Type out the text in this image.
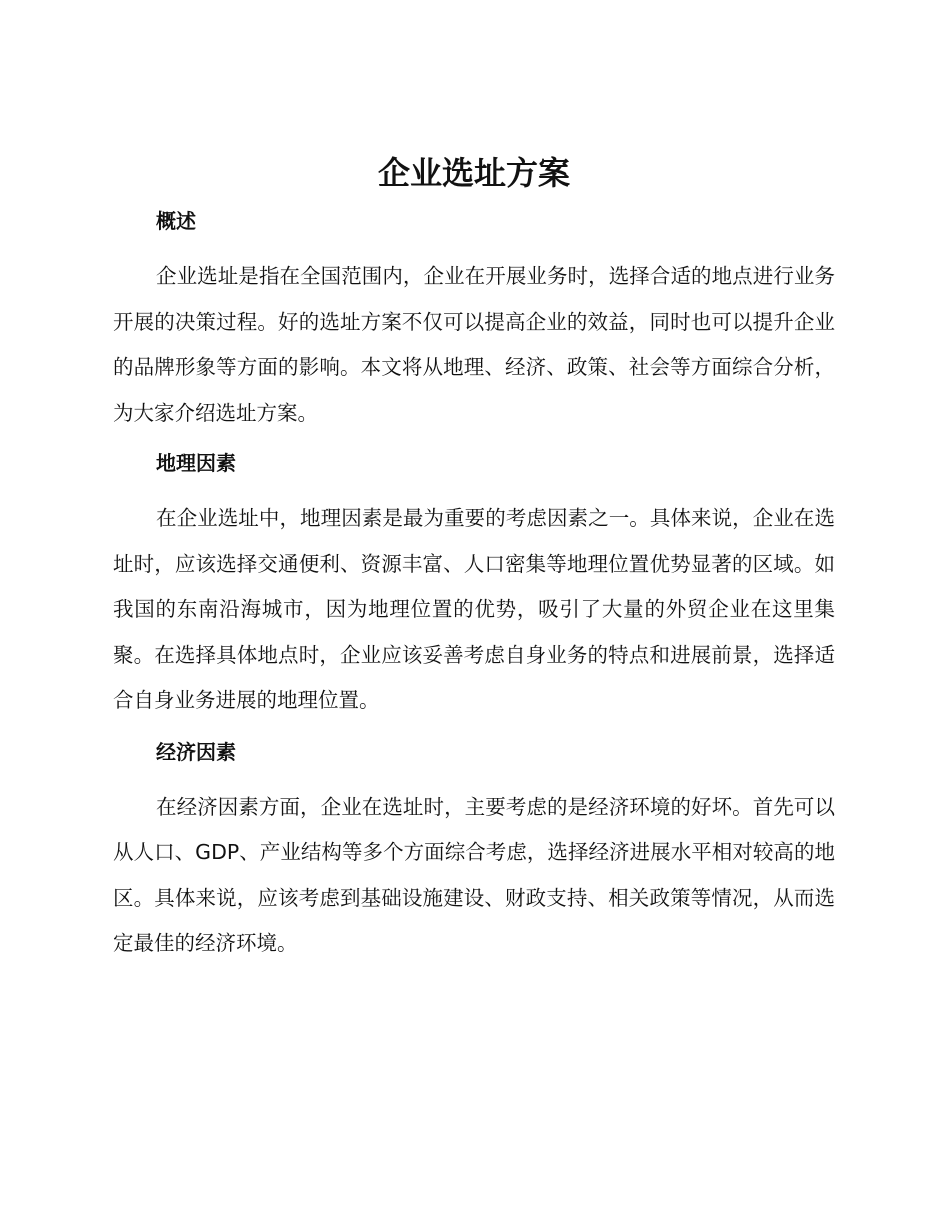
企业选址方案
概述

企业选址是指在全国范围内，企业在开展业务时，选择合适的地点进行业务开展的决策过程。好的选址方案不仅可以提高企业的效益，同时也可以提升企业的品牌形象等方面的影响。本文将从地理、经济、政策、社会等方面综合分析，为大家介绍选址方案。

地理因素

在企业选址中，地理因素是最为重要的考虑因素之一。具体来说，企业在选址时，应该选择交通便利、资源丰富、人口密集等地理位置优势显著的区域。如我国的东南沿海城市，因为地理位置的优势，吸引了大量的外贸企业在这里集聚。在选择具体地点时，企业应该妥善考虑自身业务的特点和进展前景，选择适合自身业务进展的地理位置。

经济因素

在经济因素方面，企业在选址时，主要考虑的是经济环境的好坏。首先可以从人口、GDP、产业结构等多个方面综合考虑，选择经济进展水平相对较高的地区。具体来说，应该考虑到基础设施建设、财政支持、相关政策等情况，从而选定最佳的经济环境。
